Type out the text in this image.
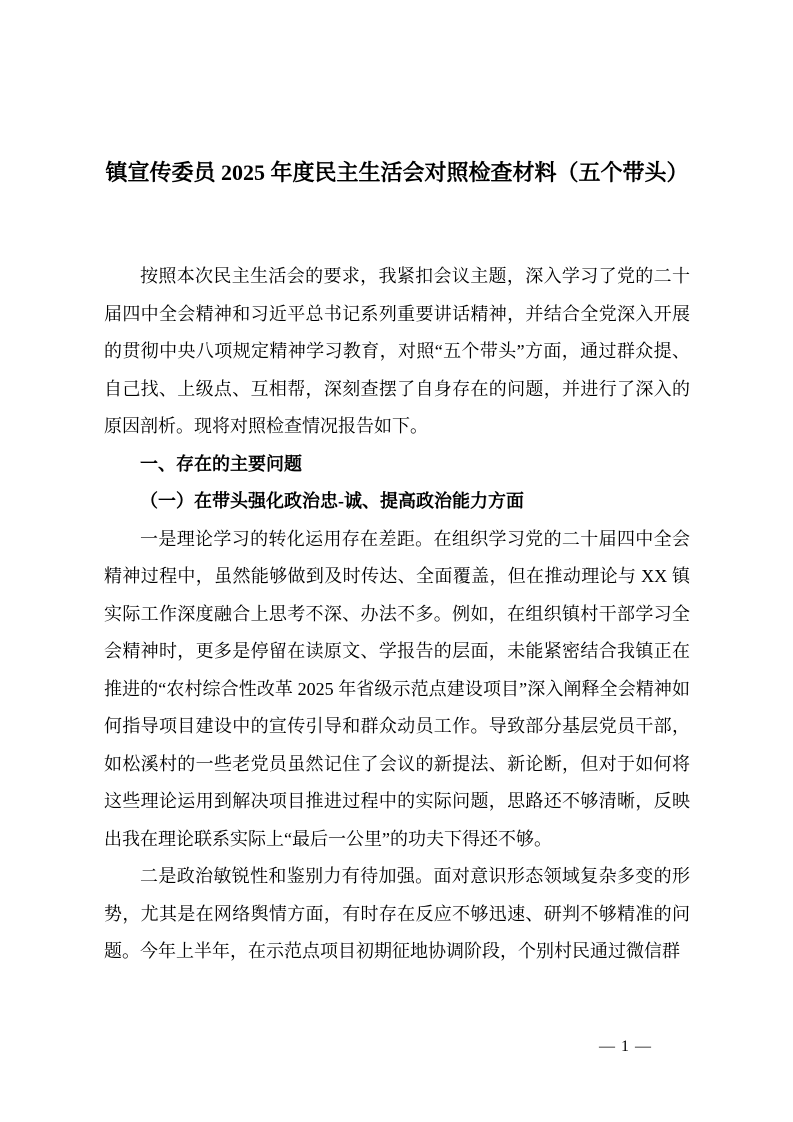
镇宣传委员 2025 年度民主生活会对照检查材料（五个带头）

按照本次民主生活会的要求，我紧扣会议主题，深入学习了党的二十届四中全会精神和习近平总书记系列重要讲话精神，并结合全党深入开展的贯彻中央八项规定精神学习教育，对照“五个带头”方面，通过群众提、自己找、上级点、互相帮，深刻查摆了自身存在的问题，并进行了深入的原因剖析。现将对照检查情况报告如下。

一、存在的主要问题
（一）在带头强化政治忠-诚、提高政治能力方面

一是理论学习的转化运用存在差距。在组织学习党的二十届四中全会精神过程中，虽然能够做到及时传达、全面覆盖，但在推动理论与 XX 镇实际工作深度融合上思考不深、办法不多。例如，在组织镇村干部学习全会精神时，更多是停留在读原文、学报告的层面，未能紧密结合我镇正在推进的“农村综合性改革 2025 年省级示范点建设项目”深入阐释全会精神如何指导项目建设中的宣传引导和群众动员工作。导致部分基层党员干部，如松溪村的一些老党员虽然记住了会议的新提法、新论断，但对于如何将这些理论运用到解决项目推进过程中的实际问题，思路还不够清晰，反映出我在理论联系实际上“最后一公里”的功夫下得还不够。

二是政治敏锐性和鉴别力有待加强。面对意识形态领域复杂多变的形势，尤其是在网络舆情方面，有时存在反应不够迅速、研判不够精准的问题。今年上半年，在示范点项目初期征地协调阶段，个别村民通过微信群

— 1 —
